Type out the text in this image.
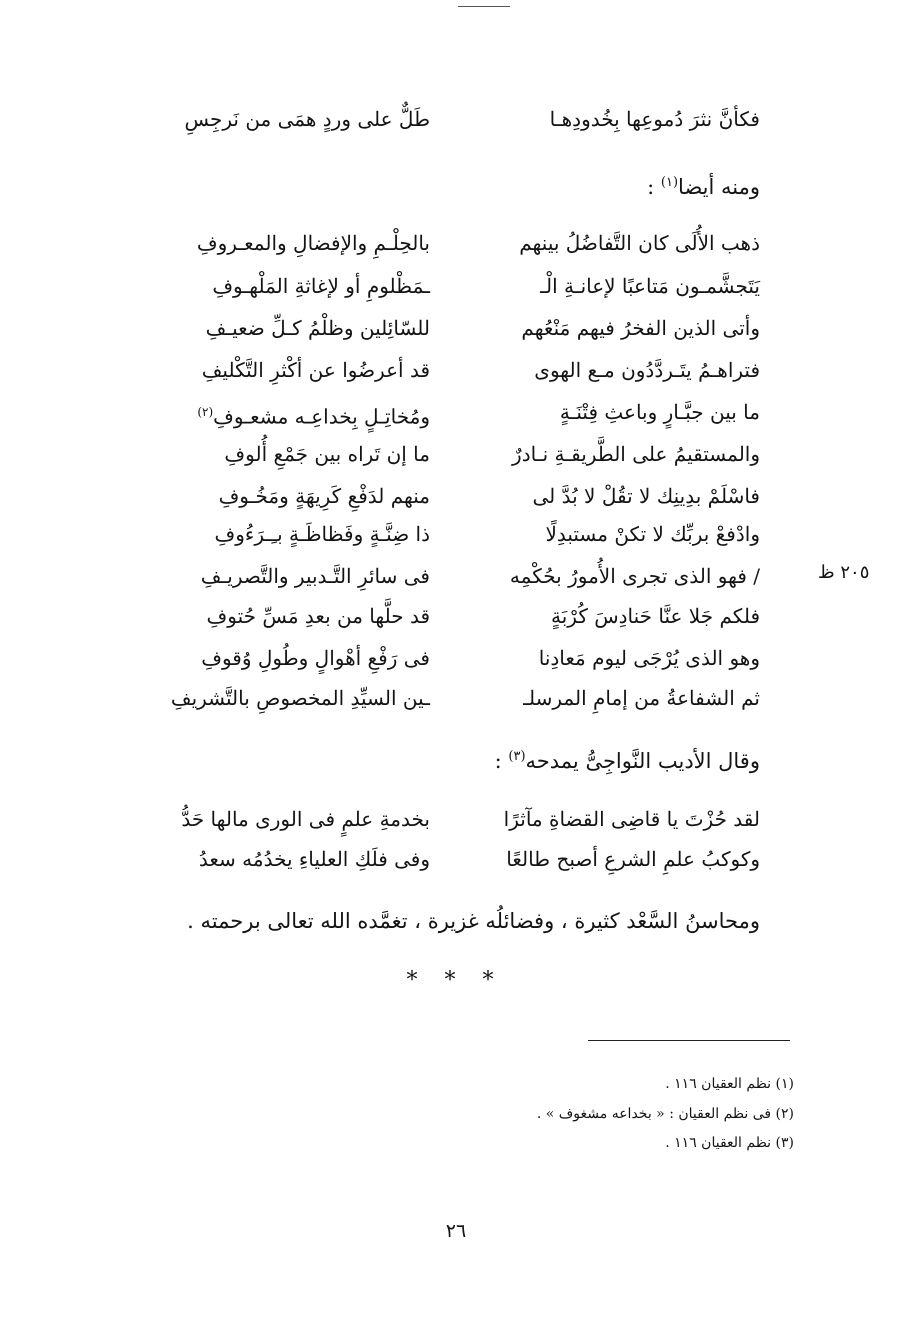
فكأنَّ نثرَ دُموعِها بِخُدودِهـا
طَلٌّ على وردٍ همَى من نَرجِسِ
ومنه أيضا$^{(١)}$ :
ذهب الأُلَى كان التَّفاضُلُ بينهم
بالحِلْـمِ والإفضالِ والمعـروفِ
يَتَجشَّمـون مَتاعبًا لإعانـةِ الْـ
ـمَظْلومِ أو لإغاثةِ المَلْهـوفِ
وأتى الذين الفخرُ فيهم مَنْعُهم
للسّائِلين وظلْمُ كـلِّ ضعيـفِ
فتراهـمُ يتَـردَّدُون مـع الهوى
قد أعرضُوا عن أكْثرِ التَّكْليفِ
ما بين جبَّـارٍ وباعثِ فِتْنَـةٍ
ومُخاتِـلٍ بِخداعِـه مشعـوفِ$^{(٢)}$
والمستقيمُ على الطَّريقـةِ نـادرٌ
ما إن تَراه بين جَمْعِ أُلوفِ
فاسْلَمْ بدِينِك لا تقُلْ لا بُدَّ لى
منهم لدَفْعِ كَرِيهَةٍ ومَخُـوفِ
وادْفعْ بربِّك لا تكنْ مستبدِلًا
ذا ضِنَّـةٍ وفَظاظَـةٍ بـِـرَءُوفِ
/ فهو الذى تجرى الأُمورُ بحُكْمِه
فى سائرِ التَّـدبير والتَّصريـفِ
فلكم جَلا عنَّا حَنادِسَ كُرْبَةٍ
قد حلَّها من بعدِ مَسِّ حُتوفِ
وهو الذى يُرْجَى ليوم مَعادِنا
فى رَفْعِ أهْوالٍ وطُولِ وُقوفِ
ثم الشفاعةُ من إمامِ المرسلـ
ـين السيِّدِ المخصوصِ بالتَّشريفِ
٢٠٥ ظ
وقال الأديب النَّواجِىُّ يمدحه$^{(٣)}$ :
لقد حُزْتَ يا قاضِى القضاةِ مآثرًا
بخدمةِ علمٍ فى الورى مالها حَدُّ
وكوكبُ علمِ الشرعِ أصبح طالعًا
وفى فلَكِ العلياءِ يخدُمُه سعدُ
ومحاسنُ السَّعْد كثيرة ، وفضائلُه غزيرة ، تغمَّده الله تعالى برحمته .
* * *
(١) نظم العقيان ١١٦ .
(٢) فى نظم العقيان : « بخداعه مشغوف » .
(٣) نظم العقيان ١١٦ .
٢٦
